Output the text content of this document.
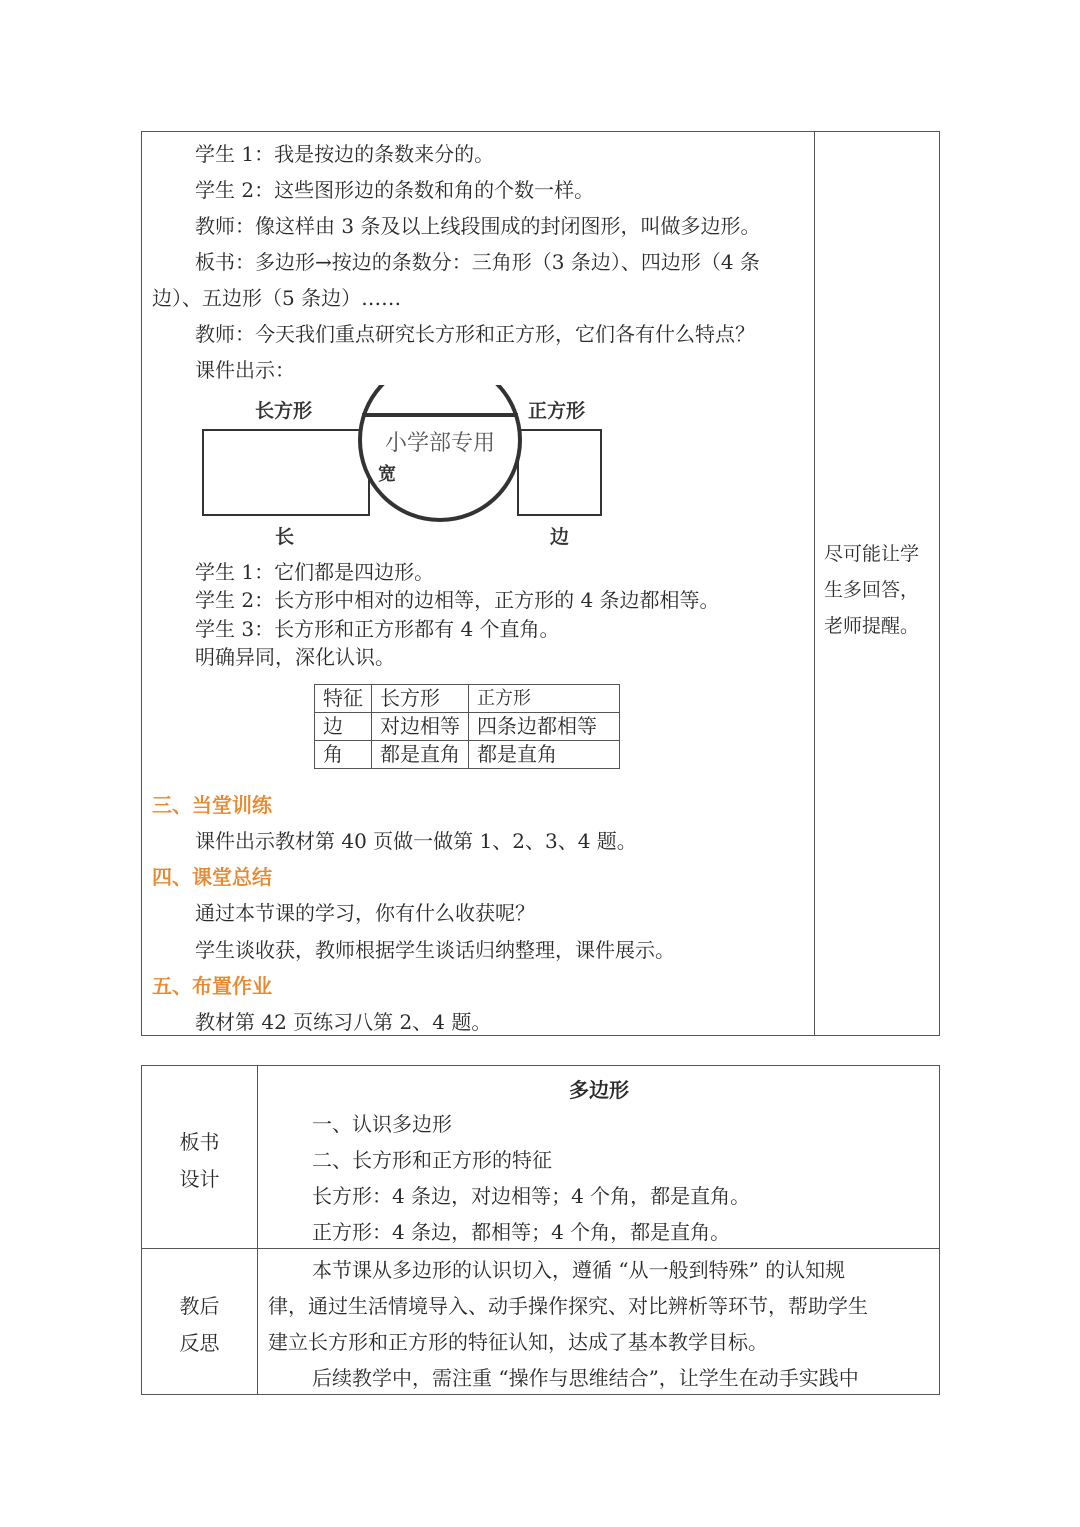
学生 1：我是按边的条数来分的。
学生 2：这些图形边的条数和角的个数一样。
教师：像这样由 3 条及以上线段围成的封闭图形，叫做多边形。
板书：多边形→按边的条数分：三角形（3 条边）、四边形（4 条
边）、五边形（5 条边）……
教师：今天我们重点研究长方形和正方形，它们各有什么特点？
课件出示：
长方形	正方形
小学部专用
宽
长	边
学生 1：它们都是四边形。
学生 2：长方形中相对的边相等，正方形的 4 条边都相等。
学生 3：长方形和正方形都有 4 个直角。
明确异同，深化认识。
特征	长方形	正方形
边	对边相等	四条边都相等
角	都是直角	都是直角
三、当堂训练
课件出示教材第 40 页做一做第 1、2、3、4 题。
四、课堂总结
通过本节课的学习，你有什么收获呢？
学生谈收获，教师根据学生谈话归纳整理，课件展示。
五、布置作业
教材第 42 页练习八第 2、4 题。
尽可能让学生多回答，老师提醒。
板书
设计
多边形
一、认识多边形
二、长方形和正方形的特征
长方形：4 条边，对边相等；4 个角，都是直角。
正方形：4 条边，都相等；4 个角，都是直角。
教后
反思
本节课从多边形的认识切入，遵循 “从一般到特殊” 的认知规
律，通过生活情境导入、动手操作探究、对比辨析等环节，帮助学生
建立长方形和正方形的特征认知，达成了基本教学目标。
后续教学中，需注重 “操作与思维结合”，让学生在动手实践中
